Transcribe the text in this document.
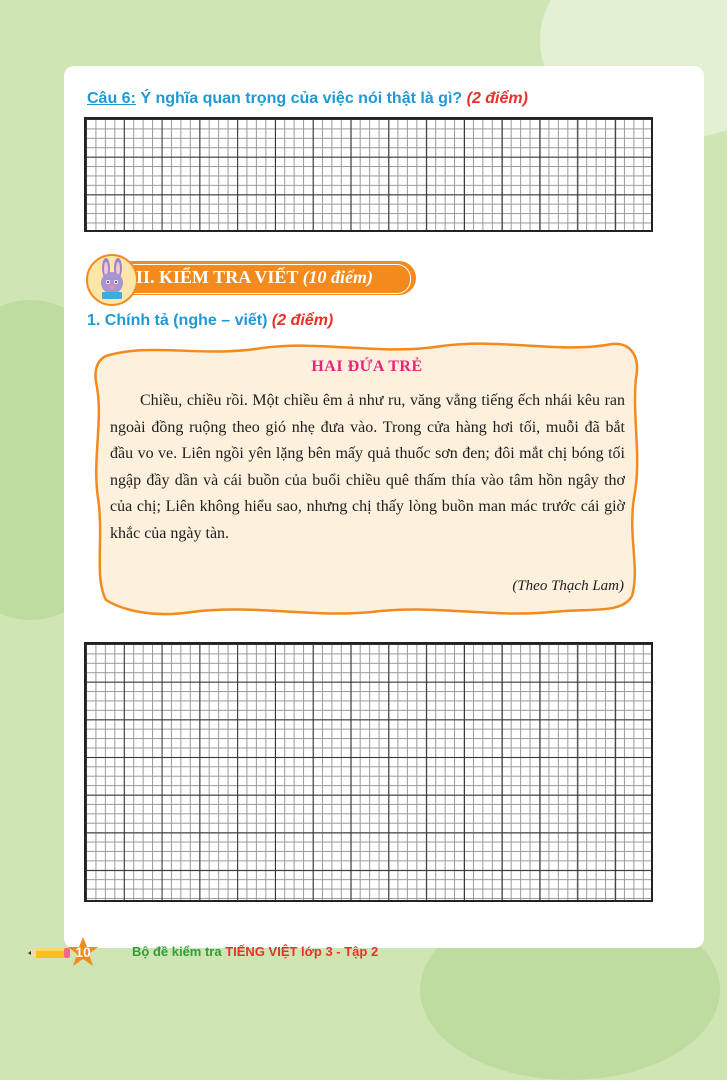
Câu 6: Ý nghĩa quan trọng của việc nói thật là gì? (2 điểm)
II. KIỂM TRA VIẾT (10 điểm)
1. Chính tả (nghe – viết) (2 điểm)
HAI ĐỨA TRẺ
Chiều, chiều rồi. Một chiều êm ả như ru, văng vẳng tiếng ếch nhái kêu ran ngoài đồng ruộng theo gió nhẹ đưa vào. Trong cửa hàng hơi tối, muỗi đã bắt đầu vo ve. Liên ngồi yên lặng bên mấy quả thuốc sơn đen; đôi mắt chị bóng tối ngập đầy dần và cái buồn của buổi chiều quê thấm thía vào tâm hồn ngây thơ của chị; Liên không hiểu sao, nhưng chị thấy lòng buồn man mác trước cái giờ khắc của ngày tàn.
(Theo Thạch Lam)
10	Bộ đề kiểm tra TIẾNG VIỆT lớp 3 - Tập 2
